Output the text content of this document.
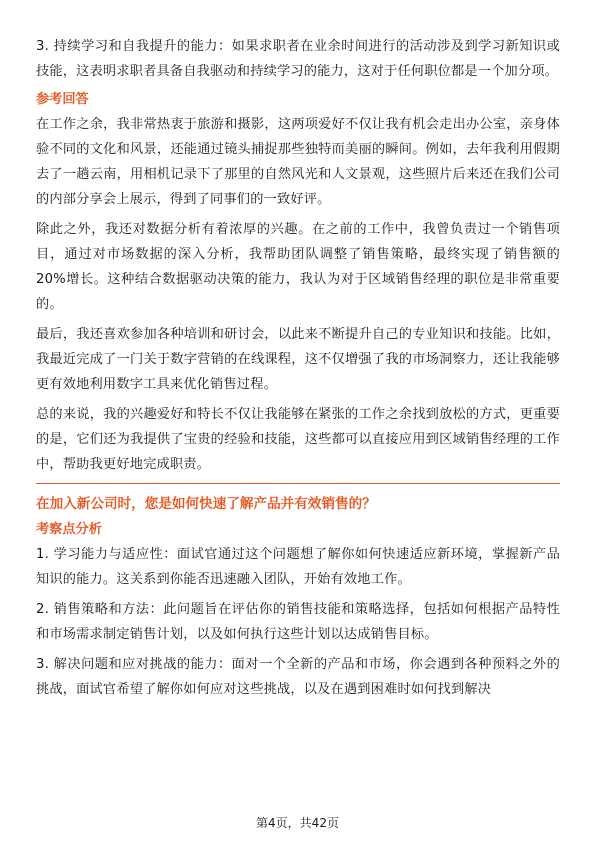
3. 持续学习和自我提升的能力：如果求职者在业余时间进行的活动涉及到学习新知识或技能，这表明求职者具备自我驱动和持续学习的能力，这对于任何职位都是一个加分项。

参考回答

在工作之余，我非常热衷于旅游和摄影，这两项爱好不仅让我有机会走出办公室，亲身体验不同的文化和风景，还能通过镜头捕捉那些独特而美丽的瞬间。例如，去年我利用假期去了一趟云南，用相机记录下了那里的自然风光和人文景观，这些照片后来还在我们公司的内部分享会上展示，得到了同事们的一致好评。

除此之外，我还对数据分析有着浓厚的兴趣。在之前的工作中，我曾负责过一个销售项目，通过对市场数据的深入分析，我帮助团队调整了销售策略，最终实现了销售额的20%增长。这种结合数据驱动决策的能力，我认为对于区域销售经理的职位是非常重要的。

最后，我还喜欢参加各种培训和研讨会，以此来不断提升自己的专业知识和技能。比如，我最近完成了一门关于数字营销的在线课程，这不仅增强了我的市场洞察力，还让我能够更有效地利用数字工具来优化销售过程。

总的来说，我的兴趣爱好和特长不仅让我能够在紧张的工作之余找到放松的方式，更重要的是，它们还为我提供了宝贵的经验和技能，这些都可以直接应用到区域销售经理的工作中，帮助我更好地完成职责。

在加入新公司时，您是如何快速了解产品并有效销售的？
考察点分析

1. 学习能力与适应性：面试官通过这个问题想了解你如何快速适应新环境，掌握新产品知识的能力。这关系到你能否迅速融入团队，开始有效地工作。

2. 销售策略和方法：此问题旨在评估你的销售技能和策略选择，包括如何根据产品特性和市场需求制定销售计划，以及如何执行这些计划以达成销售目标。

3. 解决问题和应对挑战的能力：面对一个全新的产品和市场，你会遇到各种预料之外的挑战，面试官希望了解你如何应对这些挑战，以及在遇到困难时如何找到解决

第4页，共42页
